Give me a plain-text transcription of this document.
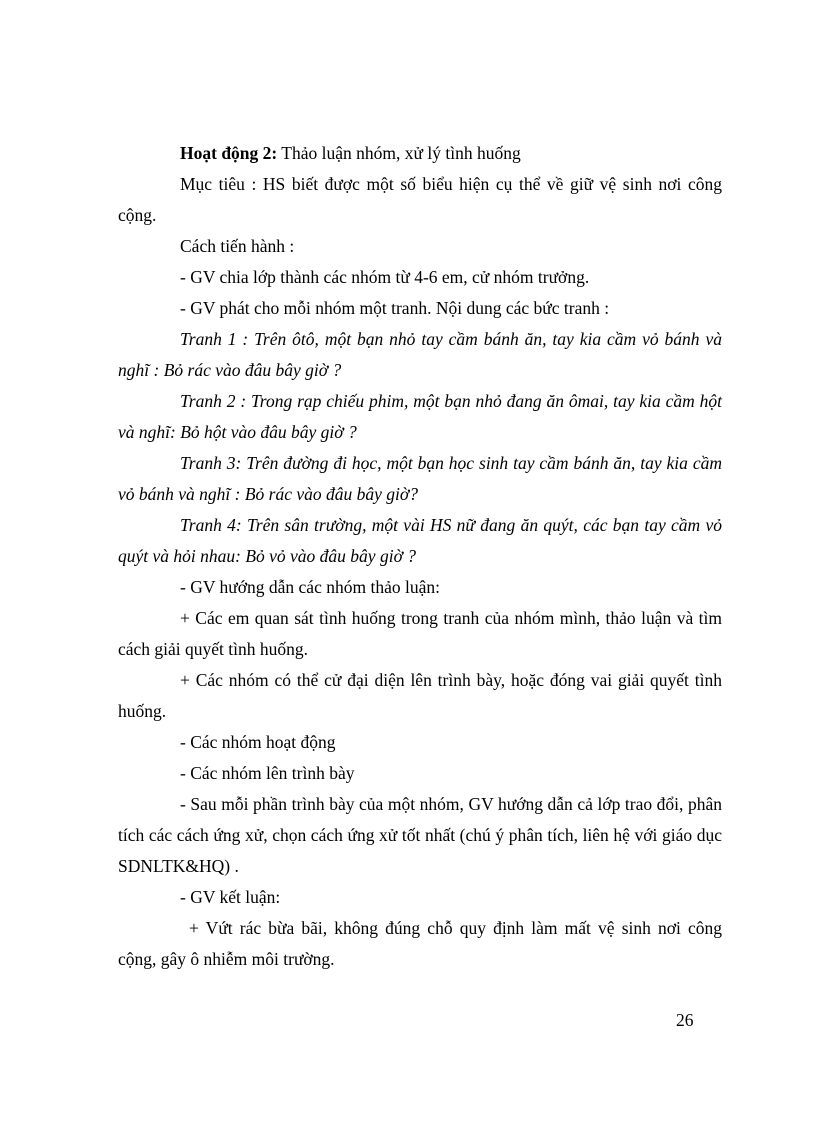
Hoạt động 2: Thảo luận nhóm, xử lý tình huống

Mục tiêu : HS biết được một số biểu hiện cụ thể về giữ vệ sinh nơi công cộng.

Cách tiến hành :

- GV chia lớp thành các nhóm từ 4-6 em, cử nhóm trưởng.

- GV phát cho mỗi nhóm một tranh. Nội dung các bức tranh :

Tranh 1 : Trên ôtô, một bạn nhỏ tay cầm bánh ăn, tay kia cầm vỏ bánh và nghĩ : Bỏ rác vào đâu bây giờ ?

Tranh 2 : Trong rạp chiếu phim, một bạn nhỏ đang ăn ômai, tay kia cầm hột và nghĩ: Bỏ hột vào đâu bây giờ ?

Tranh 3: Trên đường đi học, một bạn học sinh tay cầm bánh ăn, tay kia cầm vỏ bánh và nghĩ : Bỏ rác vào đâu bây giờ?

Tranh 4: Trên sân trường, một vài HS nữ đang ăn quýt, các bạn tay cầm vỏ quýt và hỏi nhau: Bỏ vỏ vào đâu bây giờ ?

- GV hướng dẫn các nhóm thảo luận:

+ Các em quan sát tình huống trong tranh của nhóm mình, thảo luận và tìm cách giải quyết tình huống.

+ Các nhóm có thể cử đại diện lên trình bày, hoặc đóng vai giải quyết tình huống.

- Các nhóm hoạt động

- Các nhóm lên trình bày

- Sau mỗi phần trình bày của một nhóm, GV hướng dẫn cả lớp trao đổi, phân tích các cách ứng xử, chọn cách ứng xử tốt nhất (chú ý phân tích, liên hệ với giáo dục SDNLTK&HQ) .

- GV kết luận:

+ Vứt rác bừa bãi, không đúng chỗ quy định làm mất vệ sinh nơi công cộng, gây ô nhiễm môi trường.

26
